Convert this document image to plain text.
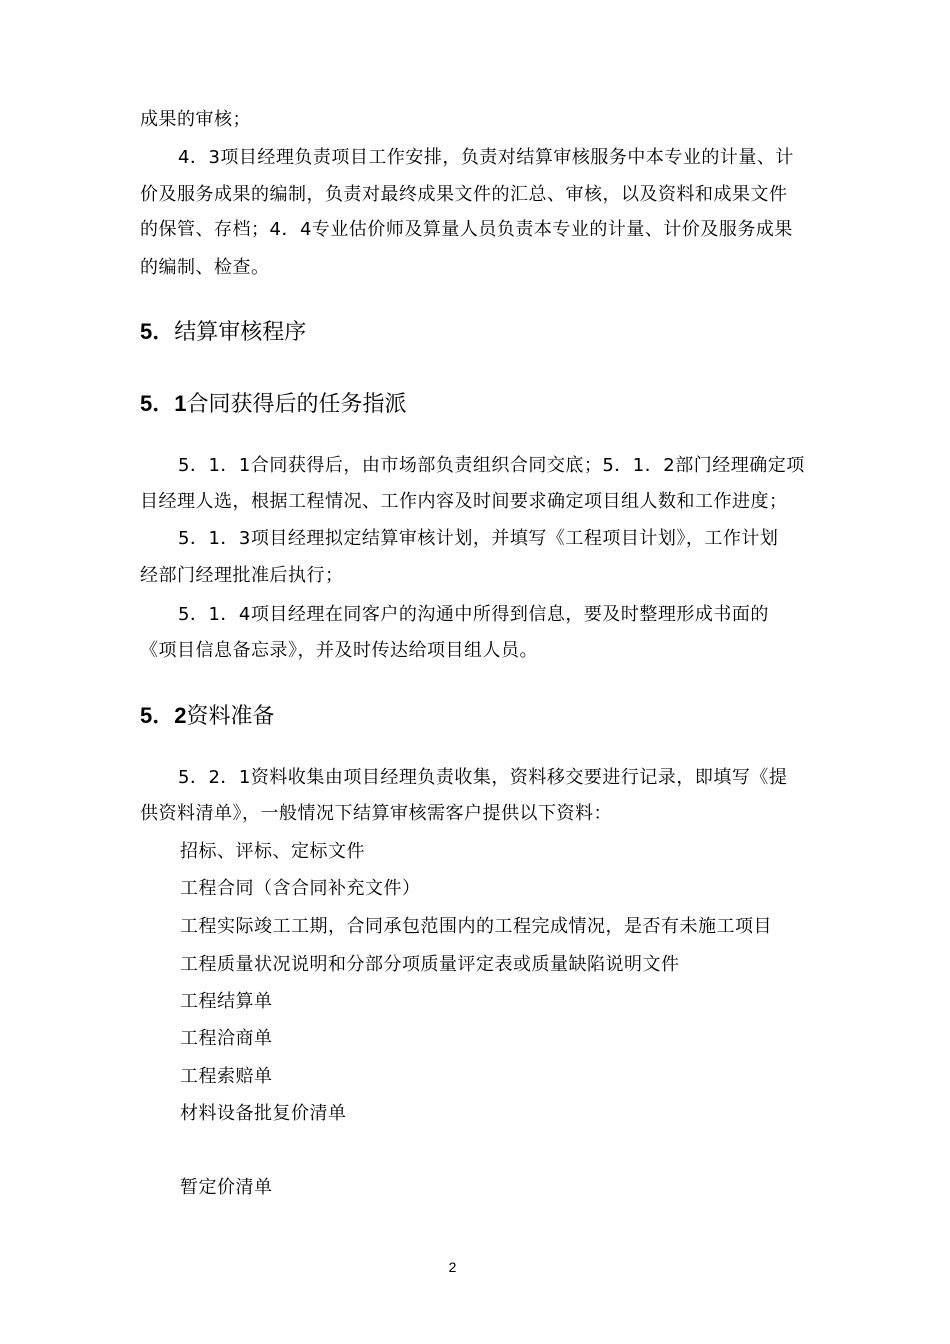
成果的审核；
4．3项目经理负责项目工作安排，负责对结算审核服务中本专业的计量、计
价及服务成果的编制，负责对最终成果文件的汇总、审核，以及资料和成果文件
的保管、存档；4．4专业估价师及算量人员负责本专业的计量、计价及服务成果
的编制、检查。
5．结算审核程序
5．1合同获得后的任务指派
5．1．1合同获得后，由市场部负责组织合同交底；5．1．2部门经理确定项
目经理人选，根据工程情况、工作内容及时间要求确定项目组人数和工作进度；
5．1．3项目经理拟定结算审核计划，并填写《工程项目计划》，工作计划
经部门经理批准后执行；
5．1．4项目经理在同客户的沟通中所得到信息，要及时整理形成书面的
《项目信息备忘录》，并及时传达给项目组人员。
5．2资料准备
5．2．1资料收集由项目经理负责收集，资料移交要进行记录，即填写《提
供资料清单》，一般情况下结算审核需客户提供以下资料：
招标、评标、定标文件
工程合同（含合同补充文件）
工程实际竣工工期，合同承包范围内的工程完成情况，是否有未施工项目
工程质量状况说明和分部分项质量评定表或质量缺陷说明文件
工程结算单
工程洽商单
工程索赔单
材料设备批复价清单
暂定价清单
2
